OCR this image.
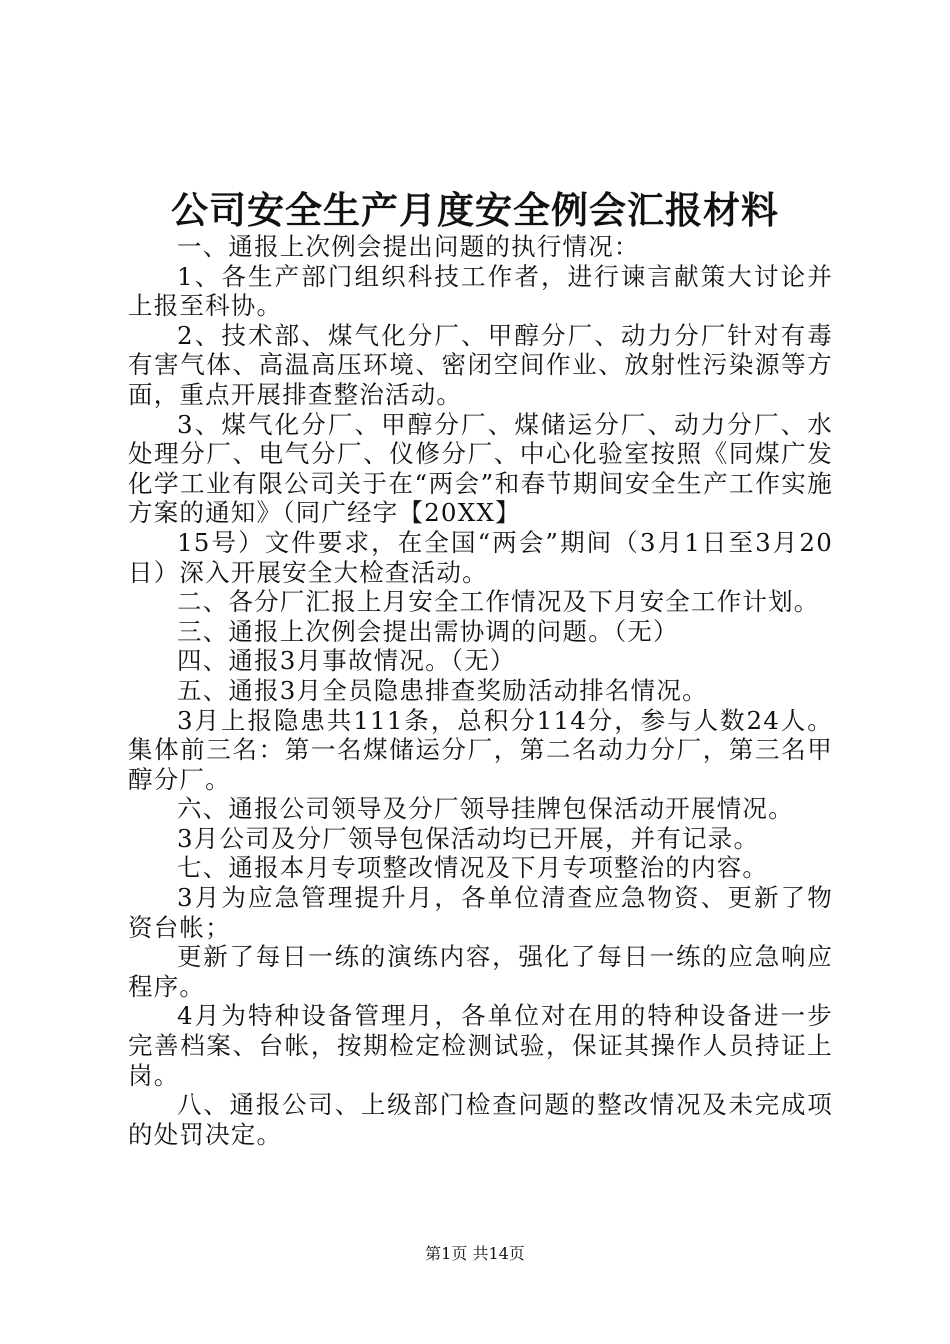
公司安全生产月度安全例会汇报材料

一、通报上次例会提出问题的执行情况：

1、各生产部门组织科技工作者，进行谏言献策大讨论并上报至科协。

2、技术部、煤气化分厂、甲醇分厂、动力分厂针对有毒有害气体、高温高压环境、密闭空间作业、放射性污染源等方面，重点开展排查整治活动。

3、煤气化分厂、甲醇分厂、煤储运分厂、动力分厂、水处理分厂、电气分厂、仪修分厂、中心化验室按照《同煤广发化学工业有限公司关于在“两会”和春节期间安全生产工作实施方案的通知》（同广经字【20XX】

15号）文件要求，在全国“两会”期间（3月1日至3月20日）深入开展安全大检查活动。

二、各分厂汇报上月安全工作情况及下月安全工作计划。

三、通报上次例会提出需协调的问题。（无）

四、通报3月事故情况。（无）

五、通报3月全员隐患排查奖励活动排名情况。

3月上报隐患共111条，总积分114分，参与人数24人。集体前三名：第一名煤储运分厂，第二名动力分厂，第三名甲醇分厂。

六、通报公司领导及分厂领导挂牌包保活动开展情况。

3月公司及分厂领导包保活动均已开展，并有记录。

七、通报本月专项整改情况及下月专项整治的内容。

3月为应急管理提升月，各单位清查应急物资、更新了物资台帐；

更新了每日一练的演练内容，强化了每日一练的应急响应程序。

4月为特种设备管理月，各单位对在用的特种设备进一步完善档案、台帐，按期检定检测试验，保证其操作人员持证上岗。

八、通报公司、上级部门检查问题的整改情况及未完成项的处罚决定。

第1页 共14页
